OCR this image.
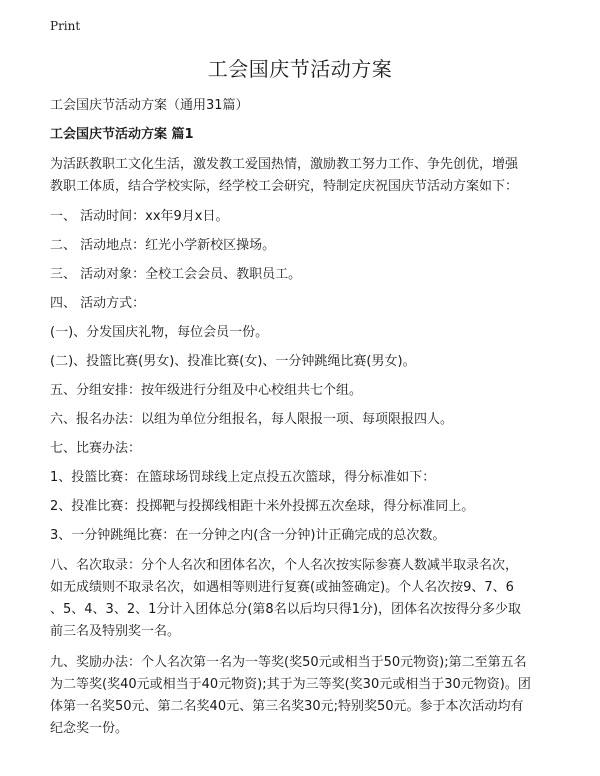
Print
工会国庆节活动方案

工会国庆节活动方案（通用31篇）

工会国庆节活动方案 篇1

为活跃教职工文化生活，激发教工爱国热情，激励教工努力工作、争先创优，增强

教职工体质，结合学校实际，经学校工会研究，特制定庆祝国庆节活动方案如下：

一、 活动时间：xx年9月x日。

二、 活动地点：红光小学新校区操场。

三、 活动对象：全校工会会员、教职员工。

四、 活动方式：

(一)、分发国庆礼物，每位会员一份。

(二)、投篮比赛(男女)、投准比赛(女)、一分钟跳绳比赛(男女)。

五、分组安排：按年级进行分组及中心校组共七个组。

六、报名办法：以组为单位分组报名，每人限报一项、每项限报四人。

七、比赛办法：

1、投篮比赛：在篮球场罚球线上定点投五次篮球，得分标准如下：

2、投准比赛：投掷靶与投掷线相距十米外投掷五次垒球，得分标准同上。

3、一分钟跳绳比赛：在一分钟之内(含一分钟)计正确完成的总次数。

八、名次取录：分个人名次和团体名次，个人名次按实际参赛人数减半取录名次，

如无成绩则不取录名次，如遇相等则进行复赛(或抽签确定)。个人名次按9、7、6

、5、4、3、2、1分计入团体总分(第8名以后均只得1分)，团体名次按得分多少取

前三名及特别奖一名。

九、奖励办法：个人名次第一名为一等奖(奖50元或相当于50元物资);第二至第五名

为二等奖(奖40元或相当于40元物资);其于为三等奖(奖30元或相当于30元物资)。团

体第一名奖50元、第二名奖40元、第三名奖30元;特别奖50元。参于本次活动均有

纪念奖一份。
